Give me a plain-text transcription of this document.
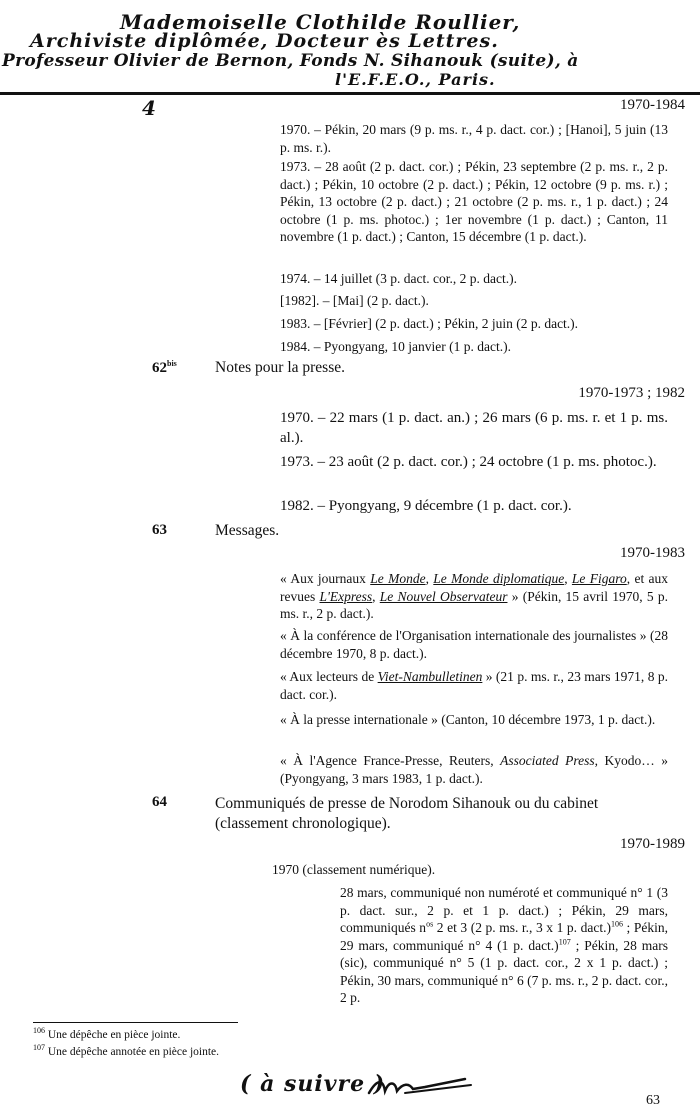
Mademoiselle Clothilde Roullier,
Archiviste diplômée, Docteur ès Lettres.
Professeur Olivier de Bernon, Fonds N. Sihanouk (suite), à
l'E.F.E.O., Paris.
4	1970-1984
1970. – Pékin, 20 mars (9 p. ms. r., 4 p. dact. cor.) ; [Hanoi], 5 juin (13 p. ms. r.).
1973. – 28 août (2 p. dact. cor.) ; Pékin, 23 septembre (2 p. ms. r., 2 p. dact.) ; Pékin, 10 octobre (2 p. dact.) ; Pékin, 12 octobre (9 p. ms. r.) ; Pékin, 13 octobre (2 p. dact.) ; 21 octobre (2 p. ms. r., 1 p. dact.) ; 24 octobre (1 p. ms. photoc.) ; 1er novembre (1 p. dact.) ; Canton, 11 novembre (1 p. dact.) ; Canton, 15 décembre (1 p. dact.).
1974. – 14 juillet (3 p. dact. cor., 2 p. dact.).
[1982]. – [Mai] (2 p. dact.).
1983. – [Février] (2 p. dact.) ; Pékin, 2 juin (2 p. dact.).
1984. – Pyongyang, 10 janvier (1 p. dact.).
$62^{bis}$ Notes pour la presse.
1970-1973 ; 1982
1970. – 22 mars (1 p. dact. an.) ; 26 mars (6 p. ms. r. et 1 p. ms. al.).
1973. – 23 août (2 p. dact. cor.) ; 24 octobre (1 p. ms. photoc.).
1982. – Pyongyang, 9 décembre (1 p. dact. cor.).
63	Messages.
1970-1983
« Aux journaux Le Monde, Le Monde diplomatique, Le Figaro, et aux revues L'Express, Le Nouvel Observateur » (Pékin, 15 avril 1970, 5 p. ms. r., 2 p. dact.).
« À la conférence de l'Organisation internationale des journalistes » (28 décembre 1970, 8 p. dact.).
« Aux lecteurs de Viet-Nambulletinen » (21 p. ms. r., 23 mars 1971, 8 p. dact. cor.).
« À la presse internationale » (Canton, 10 décembre 1973, 1 p. dact.).
« À l'Agence France-Presse, Reuters, Associated Press, Kyodo… » (Pyongyang, 3 mars 1983, 1 p. dact.).
64	Communiqués de presse de Norodom Sihanouk ou du cabinet (classement chronologique).
1970-1989
1970 (classement numérique).
28 mars, communiqué non numéroté et communiqué n° 1 (3 p. dact. sur., 2 p. et 1 p. dact.) ; Pékin, 29 mars, communiqués $n^{os}$ 2 et 3 (2 p. ms. r., 3 x 1 p. dact.)$^{106}$ ; Pékin, 29 mars, communiqué n° 4 (1 p. dact.)$^{107}$ ; Pékin, 28 mars (sic), communiqué n° 5 (1 p. dact. cor., 2 x 1 p. dact.) ; Pékin, 30 mars, communiqué n° 6 (7 p. ms. r., 2 p. dact. cor., 2 p.
$^{106}$ Une dépêche en pièce jointe.
$^{107}$ Une dépêche annotée en pièce jointe.
( à suivre )
63
